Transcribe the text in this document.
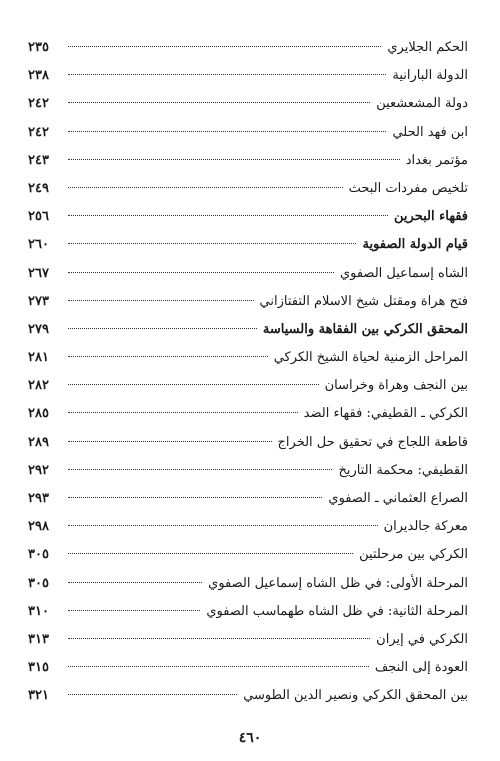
الحكم الجلايري
٢٣٥
الدولة البارانية
٢٣٨
دولة المشعشعين
٢٤٢
ابن فهد الحلي
٢٤٢
مؤتمر بغداد
٢٤٣
تلخيص مفردات البحث
٢٤٩
فقهاء البحرين
٢٥٦
قيام الدولة الصفوية
٢٦٠
الشاه إسماعيل الصفوي
٢٦٧
فتح هراة ومقتل شيخ الاسلام التفتازاني
٢٧٣
المحقق الكركي بين الفقاهة والسياسة
٢٧٩
المراحل الزمنية لحياة الشيخ الكركي
٢٨١
بين النجف وهراة وخراسان
٢٨٢
الكركي ـ القطيفي: فقهاء الضد
٢٨٥
قاطعة اللجاج في تحقيق حل الخراج
٢٨٩
القطيفي: محكمة التاريخ
٢٩٢
الصراع العثماني ـ الصفوي
٢٩٣
معركة جالديران
٢٩٨
الكركي بين مرحلتين
٣٠٥
المرحلة الأولى: في ظل الشاه إسماعيل الصفوي
٣٠٥
المرحلة الثانية: في ظل الشاه طهماسب الصفوي
٣١٠
الكركي في إيران
٣١٣
العودة إلى النجف
٣١٥
بين المحقق الكركي ونصير الدين الطوسي
٣٢١
٤٦٠
